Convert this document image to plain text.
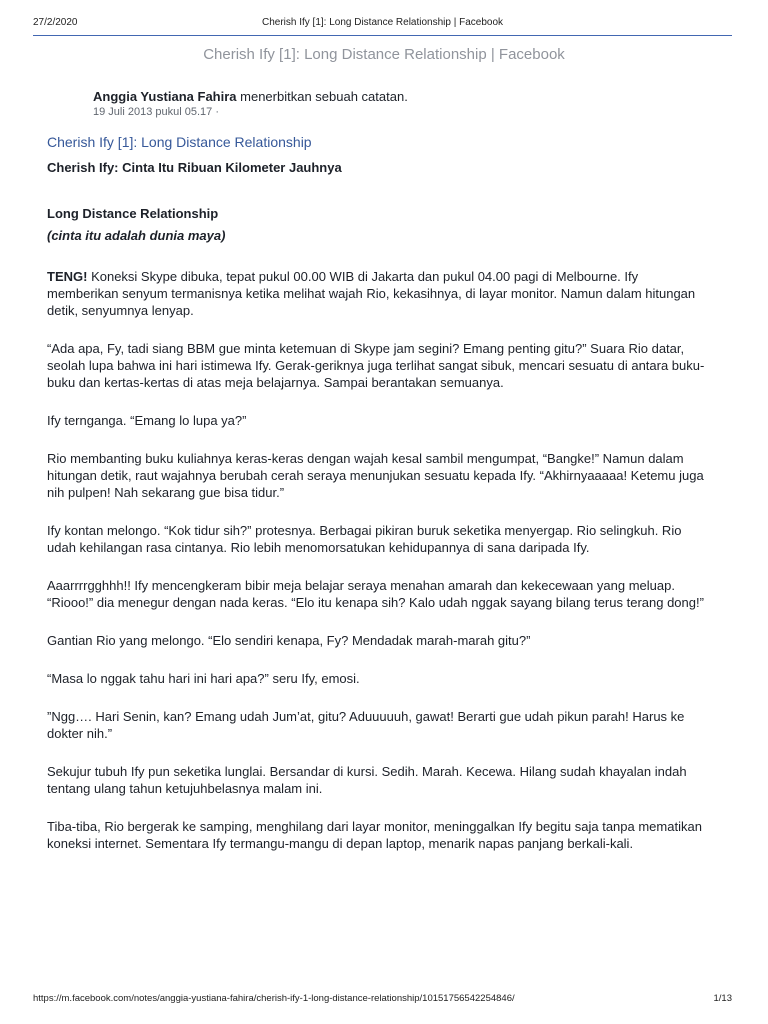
27/2/2020	Cherish Ify [1]: Long Distance Relationship | Facebook
Cherish Ify [1]: Long Distance Relationship | Facebook
Anggia Yustiana Fahira menerbitkan sebuah catatan.
19 Juli 2013 pukul 05.17 ·
Cherish Ify [1]: Long Distance Relationship
Cherish Ify: Cinta Itu Ribuan Kilometer Jauhnya
Long Distance Relationship
(cinta itu adalah dunia maya)

TENG! Koneksi Skype dibuka, tepat pukul 00.00 WIB di Jakarta dan pukul 04.00 pagi di Melbourne. Ify memberikan senyum termanisnya ketika melihat wajah Rio, kekasihnya, di layar monitor. Namun dalam hitungan detik, senyumnya lenyap.

“Ada apa, Fy, tadi siang BBM gue minta ketemuan di Skype jam segini? Emang penting gitu?” Suara Rio datar, seolah lupa bahwa ini hari istimewa Ify. Gerak-geriknya juga terlihat sangat sibuk, mencari sesuatu di antara buku-buku dan kertas-kertas di atas meja belajarnya. Sampai berantakan semuanya.

Ify ternganga. “Emang lo lupa ya?”

Rio membanting buku kuliahnya keras-keras dengan wajah kesal sambil mengumpat, “Bangke!” Namun dalam hitungan detik, raut wajahnya berubah cerah seraya menunjukan sesuatu kepada Ify. “Akhirnyaaaaa! Ketemu juga nih pulpen! Nah sekarang gue bisa tidur.”

Ify kontan melongo. “Kok tidur sih?” protesnya. Berbagai pikiran buruk seketika menyergap. Rio selingkuh. Rio udah kehilangan rasa cintanya. Rio lebih menomorsatukan kehidupannya di sana daripada Ify.

Aaarrrrgghhh!! Ify mencengkeram bibir meja belajar seraya menahan amarah dan kekecewaan yang meluap. “Riooo!” dia menegur dengan nada keras. “Elo itu kenapa sih? Kalo udah nggak sayang bilang terus terang dong!”

Gantian Rio yang melongo. “Elo sendiri kenapa, Fy? Mendadak marah-marah gitu?”

“Masa lo nggak tahu hari ini hari apa?” seru Ify, emosi.

”Ngg…. Hari Senin, kan? Emang udah Jum’at, gitu? Aduuuuuh, gawat! Berarti gue udah pikun parah! Harus ke dokter nih.”

Sekujur tubuh Ify pun seketika lunglai. Bersandar di kursi. Sedih. Marah. Kecewa. Hilang sudah khayalan indah tentang ulang tahun ketujuhbelasnya malam ini.

Tiba-tiba, Rio bergerak ke samping, menghilang dari layar monitor, meninggalkan Ify begitu saja tanpa mematikan koneksi internet. Sementara Ify termangu-mangu di depan laptop, menarik napas panjang berkali-kali.

https://m.facebook.com/notes/anggia-yustiana-fahira/cherish-ify-1-long-distance-relationship/10151756542254846/	1/13
